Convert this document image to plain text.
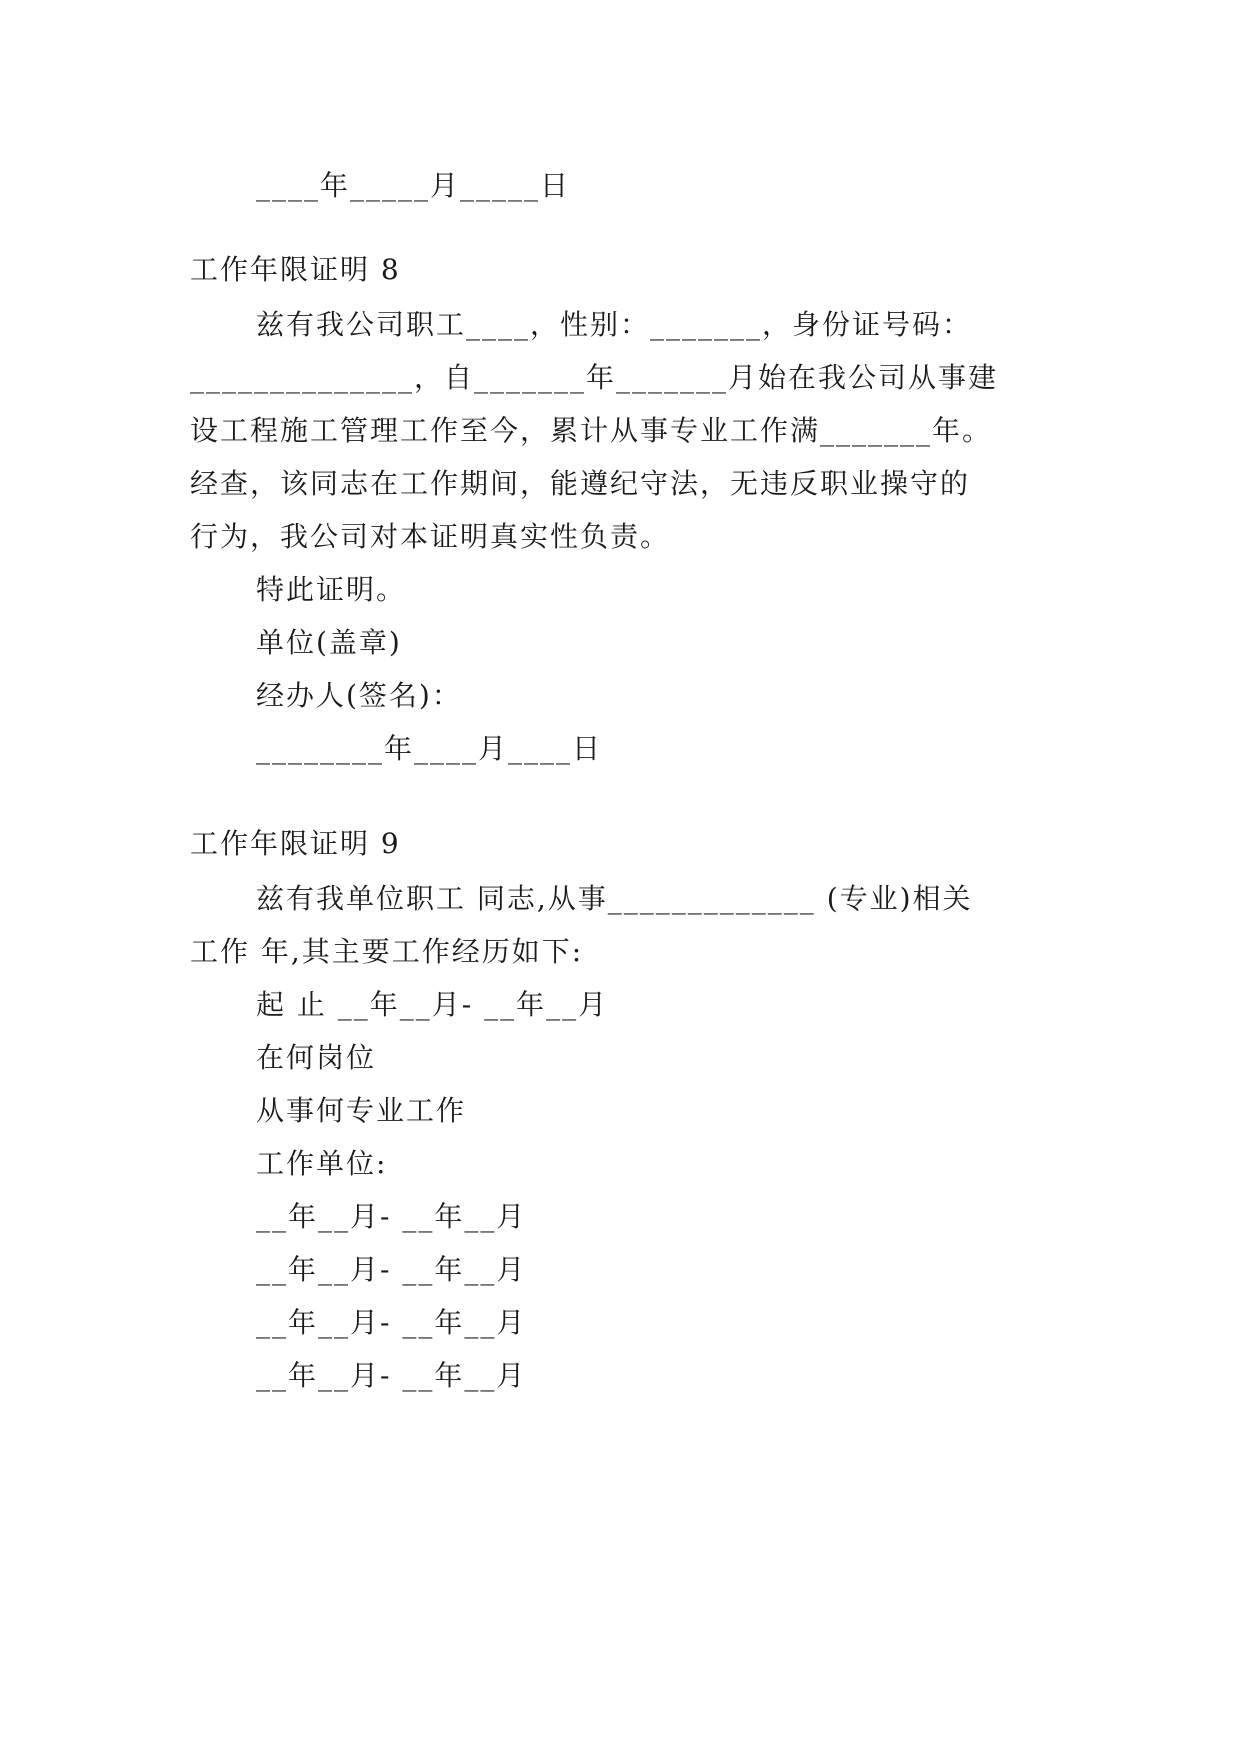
____年_____月_____日
工作年限证明 8
兹有我公司职工____，性别：_______，身份证号码：
______________，自_______年_______月始在我公司从事建
设工程施工管理工作至今，累计从事专业工作满_______年。
经查，该同志在工作期间，能遵纪守法，无违反职业操守的
行为，我公司对本证明真实性负责。
特此证明。
单位(盖章)
经办人(签名)：
________年____月____日
工作年限证明 9
兹有我单位职工 同志,从事_____________ (专业)相关
工作 年,其主要工作经历如下:
起 止 __年__月- __年__月
在何岗位
从事何专业工作
工作单位:
__年__月- __年__月
__年__月- __年__月
__年__月- __年__月
__年__月- __年__月
